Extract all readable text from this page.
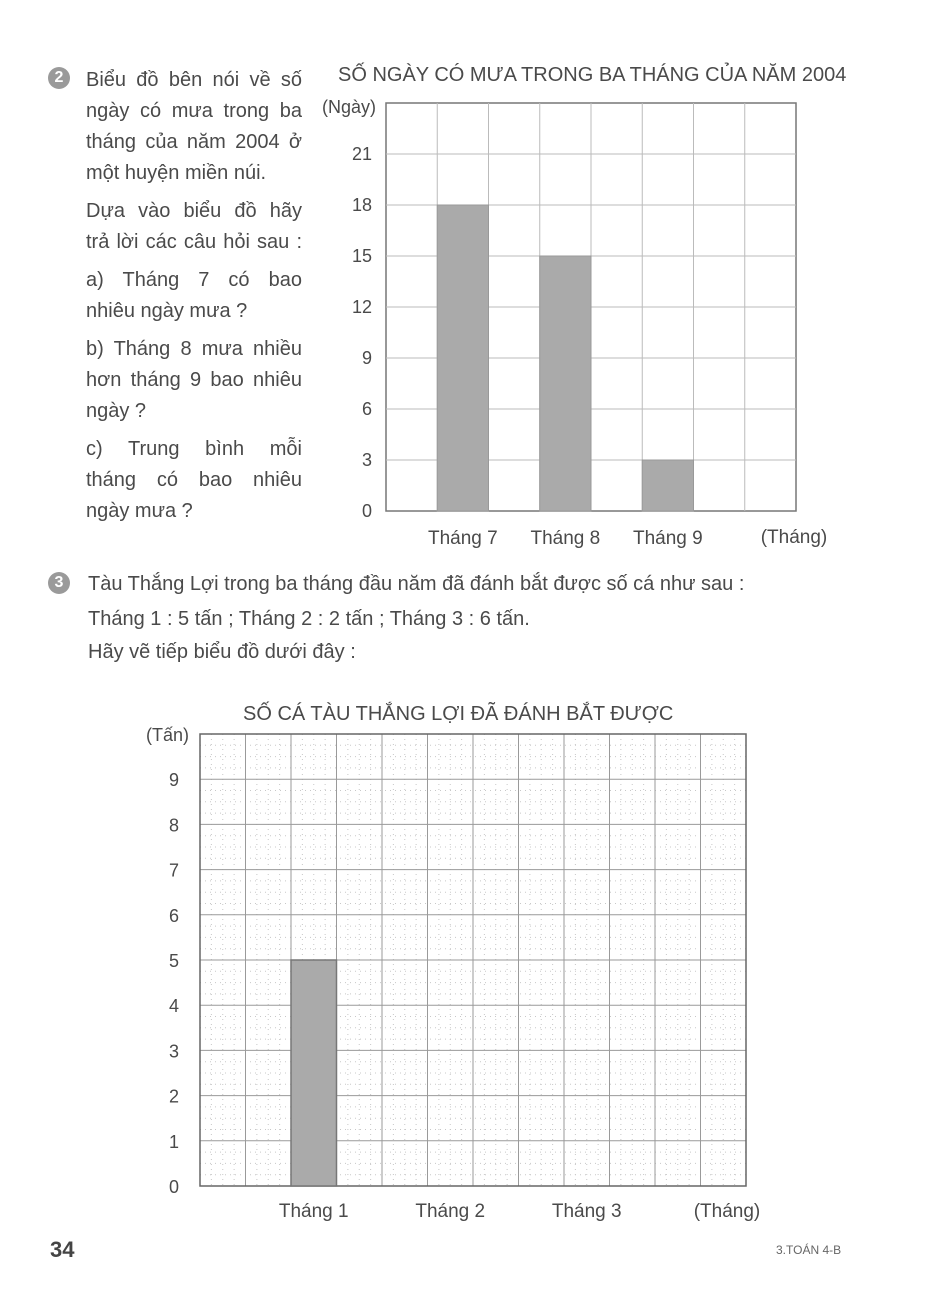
2	Biểu đồ bên nói về số
ngày có mưa trong ba
tháng của năm 2004 ở
một huyện miền núi.
Dựa vào biểu đồ hãy
trả lời các câu hỏi sau :
a) Tháng 7 có bao
nhiêu ngày mưa ?
b) Tháng 8 mưa nhiều
hơn tháng 9 bao nhiêu
ngày ?
c) Trung bình mỗi
tháng có bao nhiêu
ngày mưa ?
SỐ NGÀY CÓ MƯA TRONG BA THÁNG CỦA NĂM 2004
0
3
6
9
12
15
18
21
(Ngày)
Tháng 7 Tháng 8 Tháng 9	(Tháng)
3	Tàu Thắng Lợi trong ba tháng đầu năm đã đánh bắt được số cá như sau :
Tháng 1 : 5 tấn ; Tháng 2 : 2 tấn ; Tháng 3 : 6 tấn.
Hãy vẽ tiếp biểu đồ dưới đây :
SỐ CÁ TÀU THẮNG LỢI ĐÃ ĐÁNH BẮT ĐƯỢC
0
1
2
3
4
5
6
7
8
9
(Tấn)
Tháng 1	Tháng 2	Tháng 3	(Tháng)
34	3.TOÁN 4-B
